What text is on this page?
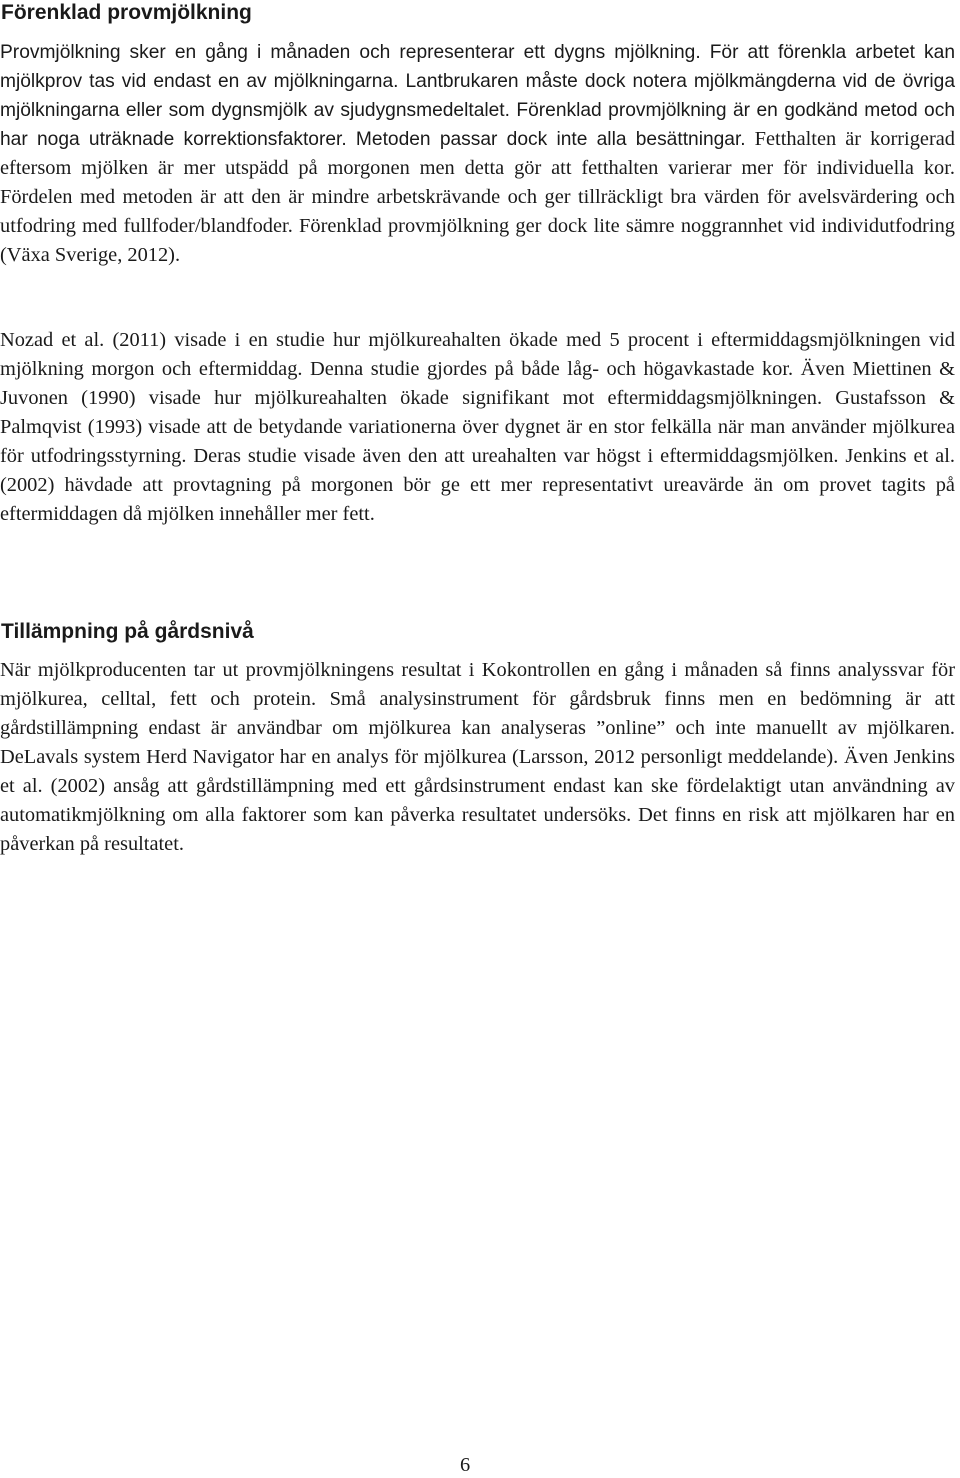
Förenklad provmjölkning

Provmjölkning sker en gång i månaden och representerar ett dygns mjölkning. För att förenkla arbetet kan mjölkprov tas vid endast en av mjölkningarna. Lantbrukaren måste dock notera mjölkmängderna vid de övriga mjölkningarna eller som dygnsmjölk av sjudygnsmedeltalet. Förenklad provmjölkning är en godkänd metod och har noga uträknade korrektionsfaktorer. Metoden passar dock inte alla besättningar. Fetthalten är korrigerad eftersom mjölken är mer utspädd på morgonen men detta gör att fetthalten varierar mer för individuella kor. Fördelen med metoden är att den är mindre arbetskrävande och ger tillräckligt bra värden för avelsvärdering och utfodring med fullfoder/blandfoder. Förenklad provmjölkning ger dock lite sämre noggrannhet vid individutfodring (Växa Sverige, 2012).

Nozad et al. (2011) visade i en studie hur mjölkureahalten ökade med 5 procent i eftermiddagsmjölkningen vid mjölkning morgon och eftermiddag. Denna studie gjordes på både låg- och högavkastade kor. Även Miettinen & Juvonen (1990) visade hur mjölkureahalten ökade signifikant mot eftermiddagsmjölkningen. Gustafsson & Palmqvist (1993) visade att de betydande variationerna över dygnet är en stor felkälla när man använder mjölkurea för utfodringsstyrning. Deras studie visade även den att ureahalten var högst i eftermiddagsmjölken. Jenkins et al. (2002) hävdade att provtagning på morgonen bör ge ett mer representativt ureavärde än om provet tagits på eftermiddagen då mjölken innehåller mer fett.

Tillämpning på gårdsnivå

När mjölkproducenten tar ut provmjölkningens resultat i Kokontrollen en gång i månaden så finns analyssvar för mjölkurea, celltal, fett och protein. Små analysinstrument för gårdsbruk finns men en bedömning är att gårdstillämpning endast är användbar om mjölkurea kan analyseras ”online” och inte manuellt av mjölkaren. DeLavals system Herd Navigator har en analys för mjölkurea (Larsson, 2012 personligt meddelande). Även Jenkins et al. (2002) ansåg att gårdstillämpning med ett gårdsinstrument endast kan ske fördelaktigt utan användning av automatikmjölkning om alla faktorer som kan påverka resultatet undersöks. Det finns en risk att mjölkaren har en påverkan på resultatet.

6
